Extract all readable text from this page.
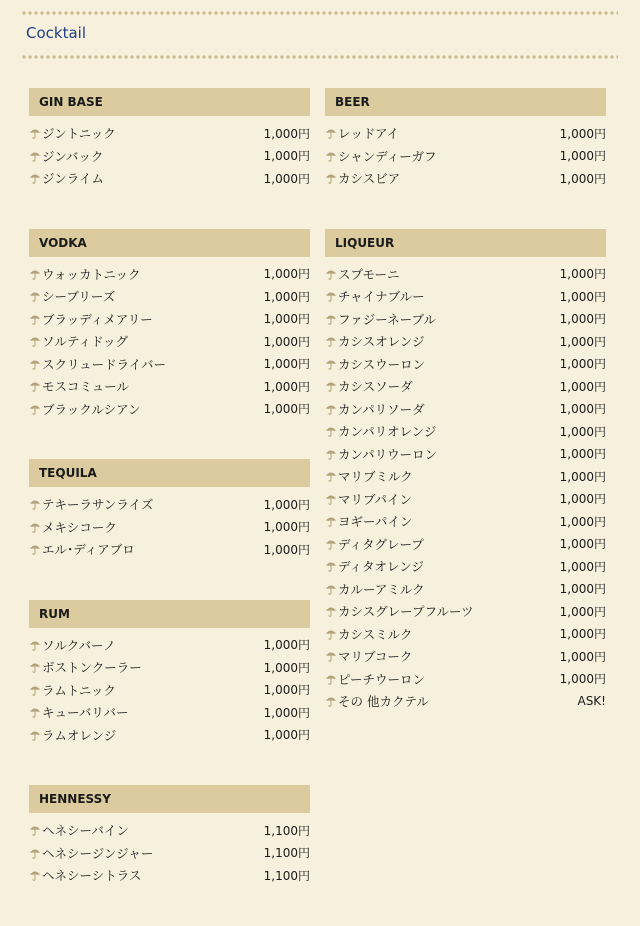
Cocktail
GIN BASE
ジントニック	1,000円
ジンバック	1,000円
ジンライム	1,000円
VODKA
ウォッカトニック	1,000円
シーブリーズ	1,000円
ブラッディメアリー	1,000円
ソルティドッグ	1,000円
スクリュードライバー	1,000円
モスコミュール	1,000円
ブラックルシアン	1,000円
TEQUILA
テキーラサンライズ	1,000円
メキシコーク	1,000円
エル･ディアブロ	1,000円
RUM
ソルクバーノ	1,000円
ボストンクーラー	1,000円
ラムトニック	1,000円
キューバリバー	1,000円
ラムオレンジ	1,000円
HENNESSY
ヘネシーバイン	1,100円
ヘネシージンジャー	1,100円
ヘネシーシトラス	1,100円
BEER
レッドアイ	1,000円
シャンディーガフ	1,000円
カシスビア	1,000円
LIQUEUR
スプモーニ	1,000円
チャイナブルー	1,000円
ファジーネーブル	1,000円
カシスオレンジ	1,000円
カシスウーロン	1,000円
カシスソーダ	1,000円
カンパリソーダ	1,000円
カンパリオレンジ	1,000円
カンパリウーロン	1,000円
マリブミルク	1,000円
マリブパイン	1,000円
ヨギーパイン	1,000円
ディタグレープ	1,000円
ディタオレンジ	1,000円
カルーアミルク	1,000円
カシスグレープフルーツ	1,000円
カシスミルク	1,000円
マリブコーク	1,000円
ピーチウーロン	1,000円
その 他カクテル	ASK!
